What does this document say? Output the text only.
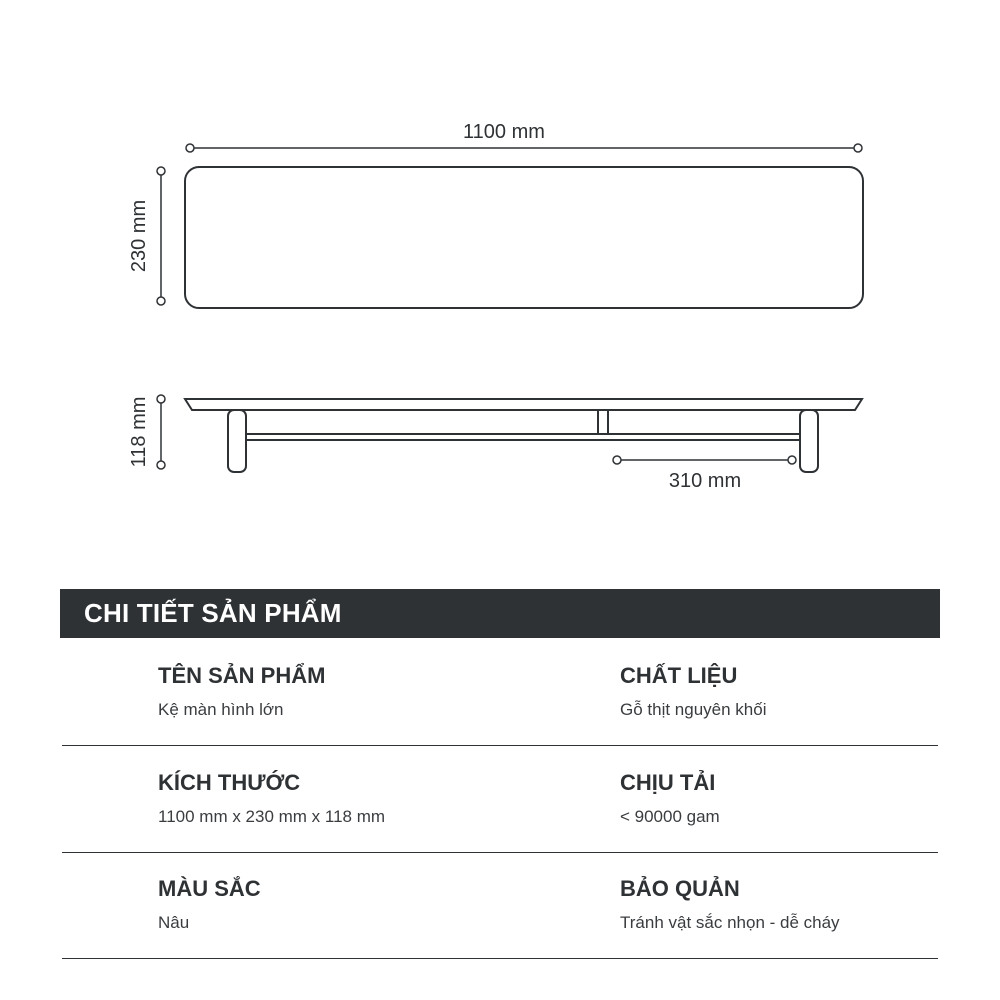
1100 mm
230 mm
118 mm
310 mm
CHI TIẾT SẢN PHẨM
TÊN SẢN PHẨM
Kệ màn hình lớn
CHẤT LIỆU
Gỗ thịt nguyên khối
KÍCH THƯỚC
1100 mm x 230 mm x 118 mm
CHỊU TẢI
< 90000 gam
MÀU SẮC
Nâu
BẢO QUẢN
Tránh vật sắc nhọn - dễ cháy
